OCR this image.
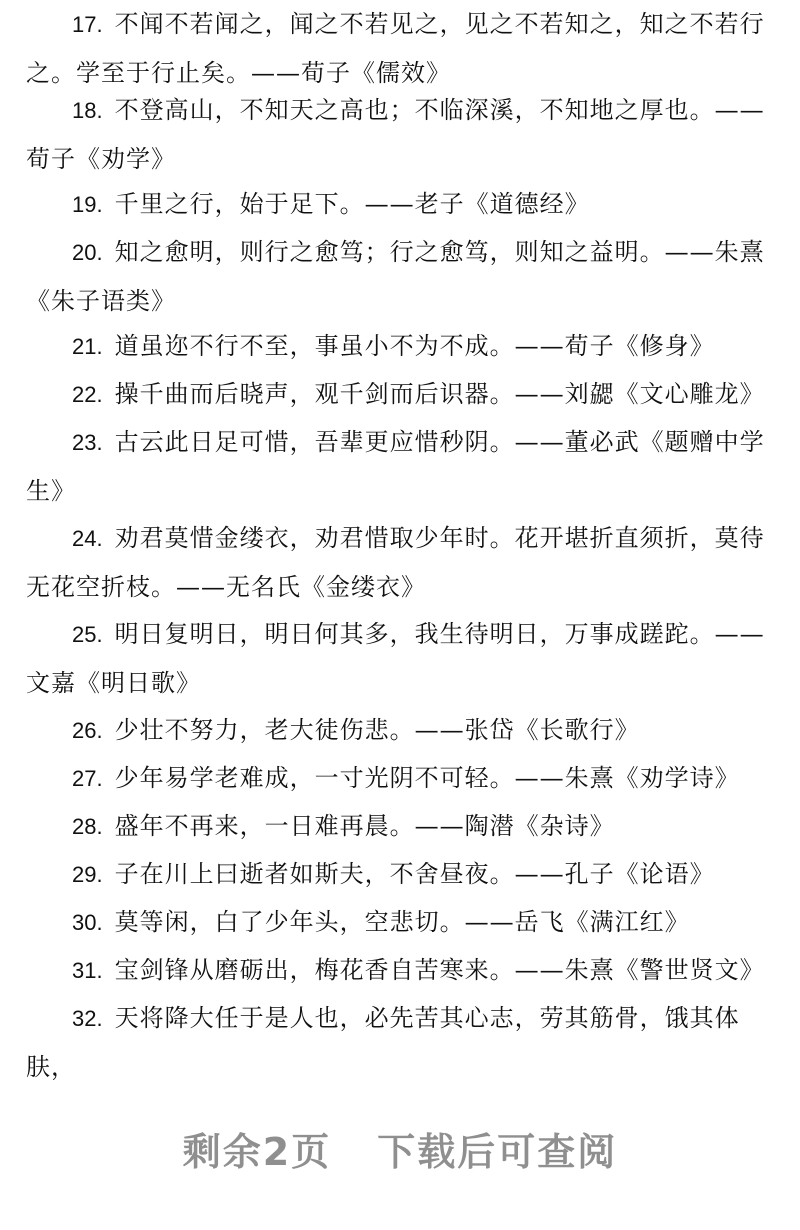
17. 不闻不若闻之，闻之不若见之，见之不若知之，知之不若行之。学至于行止矣。——荀子《儒效》
18. 不登高山，不知天之高也；不临深溪，不知地之厚也。——荀子《劝学》
19. 千里之行，始于足下。——老子《道德经》
20. 知之愈明，则行之愈笃；行之愈笃，则知之益明。——朱熹《朱子语类》
21. 道虽迩不行不至，事虽小不为不成。——荀子《修身》
22. 操千曲而后晓声，观千剑而后识器。——刘勰《文心雕龙》
23. 古云此日足可惜，吾辈更应惜秒阴。——董必武《题赠中学生》
24. 劝君莫惜金缕衣，劝君惜取少年时。花开堪折直须折，莫待无花空折枝。——无名氏《金缕衣》
25. 明日复明日，明日何其多，我生待明日，万事成蹉跎。——文嘉《明日歌》
26. 少壮不努力，老大徒伤悲。——张岱《长歌行》
27. 少年易学老难成，一寸光阴不可轻。——朱熹《劝学诗》
28. 盛年不再来，一日难再晨。——陶潜《杂诗》
29. 子在川上曰逝者如斯夫，不舍昼夜。——孔子《论语》
30. 莫等闲，白了少年头，空悲切。——岳飞《满江红》
31. 宝剑锋从磨砺出，梅花香自苦寒来。——朱熹《警世贤文》
32. 天将降大任于是人也，必先苦其心志，劳其筋骨，饿其体肤，
剩余2页 下载后可查阅
